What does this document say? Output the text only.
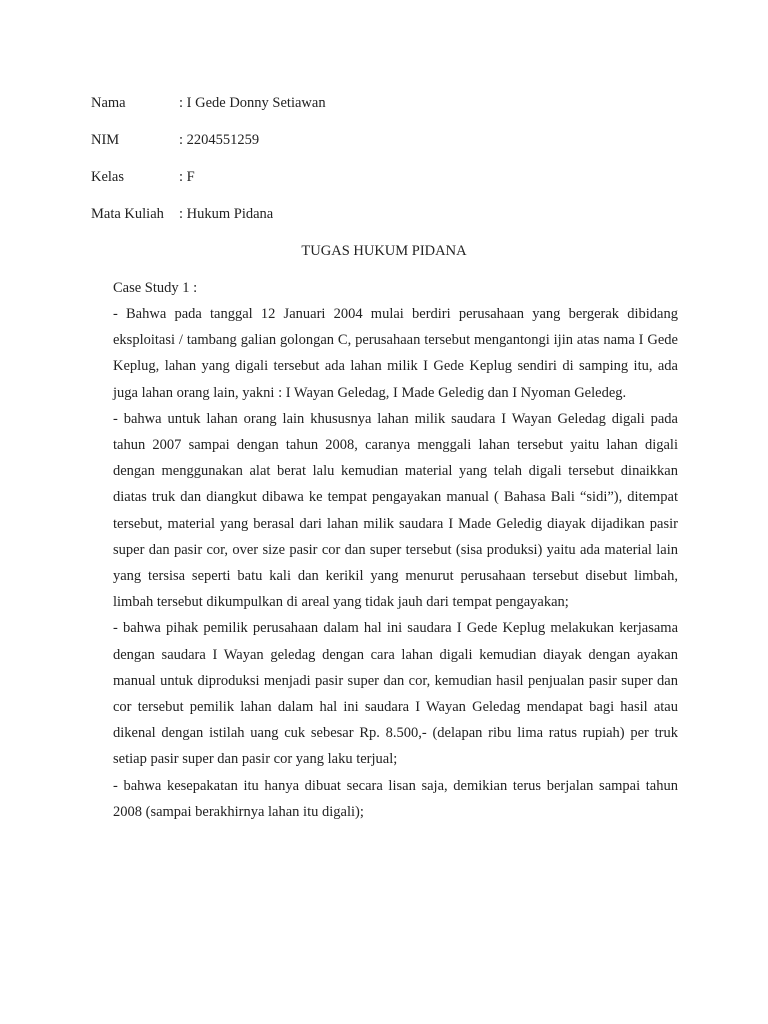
Nama	: I Gede Donny Setiawan
NIM	: 2204551259
Kelas	: F
Mata Kuliah : Hukum Pidana
TUGAS HUKUM PIDANA
Case Study 1 :

- Bahwa pada tanggal 12 Januari 2004 mulai berdiri perusahaan yang bergerak dibidang eksploitasi / tambang galian golongan C, perusahaan tersebut mengantongi ijin atas nama I Gede Keplug, lahan yang digali tersebut ada lahan milik I Gede Keplug sendiri di samping itu, ada juga lahan orang lain, yakni : I Wayan Geledag, I Made Geledig dan I Nyoman Geledeg.

- bahwa untuk lahan orang lain khususnya lahan milik saudara I Wayan Geledag digali pada tahun 2007 sampai dengan tahun 2008, caranya menggali lahan tersebut yaitu lahan digali dengan menggunakan alat berat lalu kemudian material yang telah digali tersebut dinaikkan diatas truk dan diangkut dibawa ke tempat pengayakan manual ( Bahasa Bali “sidi”), ditempat tersebut, material yang berasal dari lahan milik saudara I Made Geledig diayak dijadikan pasir super dan pasir cor, over size pasir cor dan super tersebut (sisa produksi) yaitu ada material lain yang tersisa seperti batu kali dan kerikil yang menurut perusahaan tersebut disebut limbah, limbah tersebut dikumpulkan di areal yang tidak jauh dari tempat pengayakan;

- bahwa pihak pemilik perusahaan dalam hal ini saudara I Gede Keplug melakukan kerjasama dengan saudara I Wayan geledag dengan cara lahan digali kemudian diayak dengan ayakan manual untuk diproduksi menjadi pasir super dan cor, kemudian hasil penjualan pasir super dan cor tersebut pemilik lahan dalam hal ini saudara I Wayan Geledag mendapat bagi hasil atau dikenal dengan istilah uang cuk sebesar Rp. 8.500,- (delapan ribu lima ratus rupiah) per truk setiap pasir super dan pasir cor yang laku terjual;

- bahwa kesepakatan itu hanya dibuat secara lisan saja, demikian terus berjalan sampai tahun 2008 (sampai berakhirnya lahan itu digali);
